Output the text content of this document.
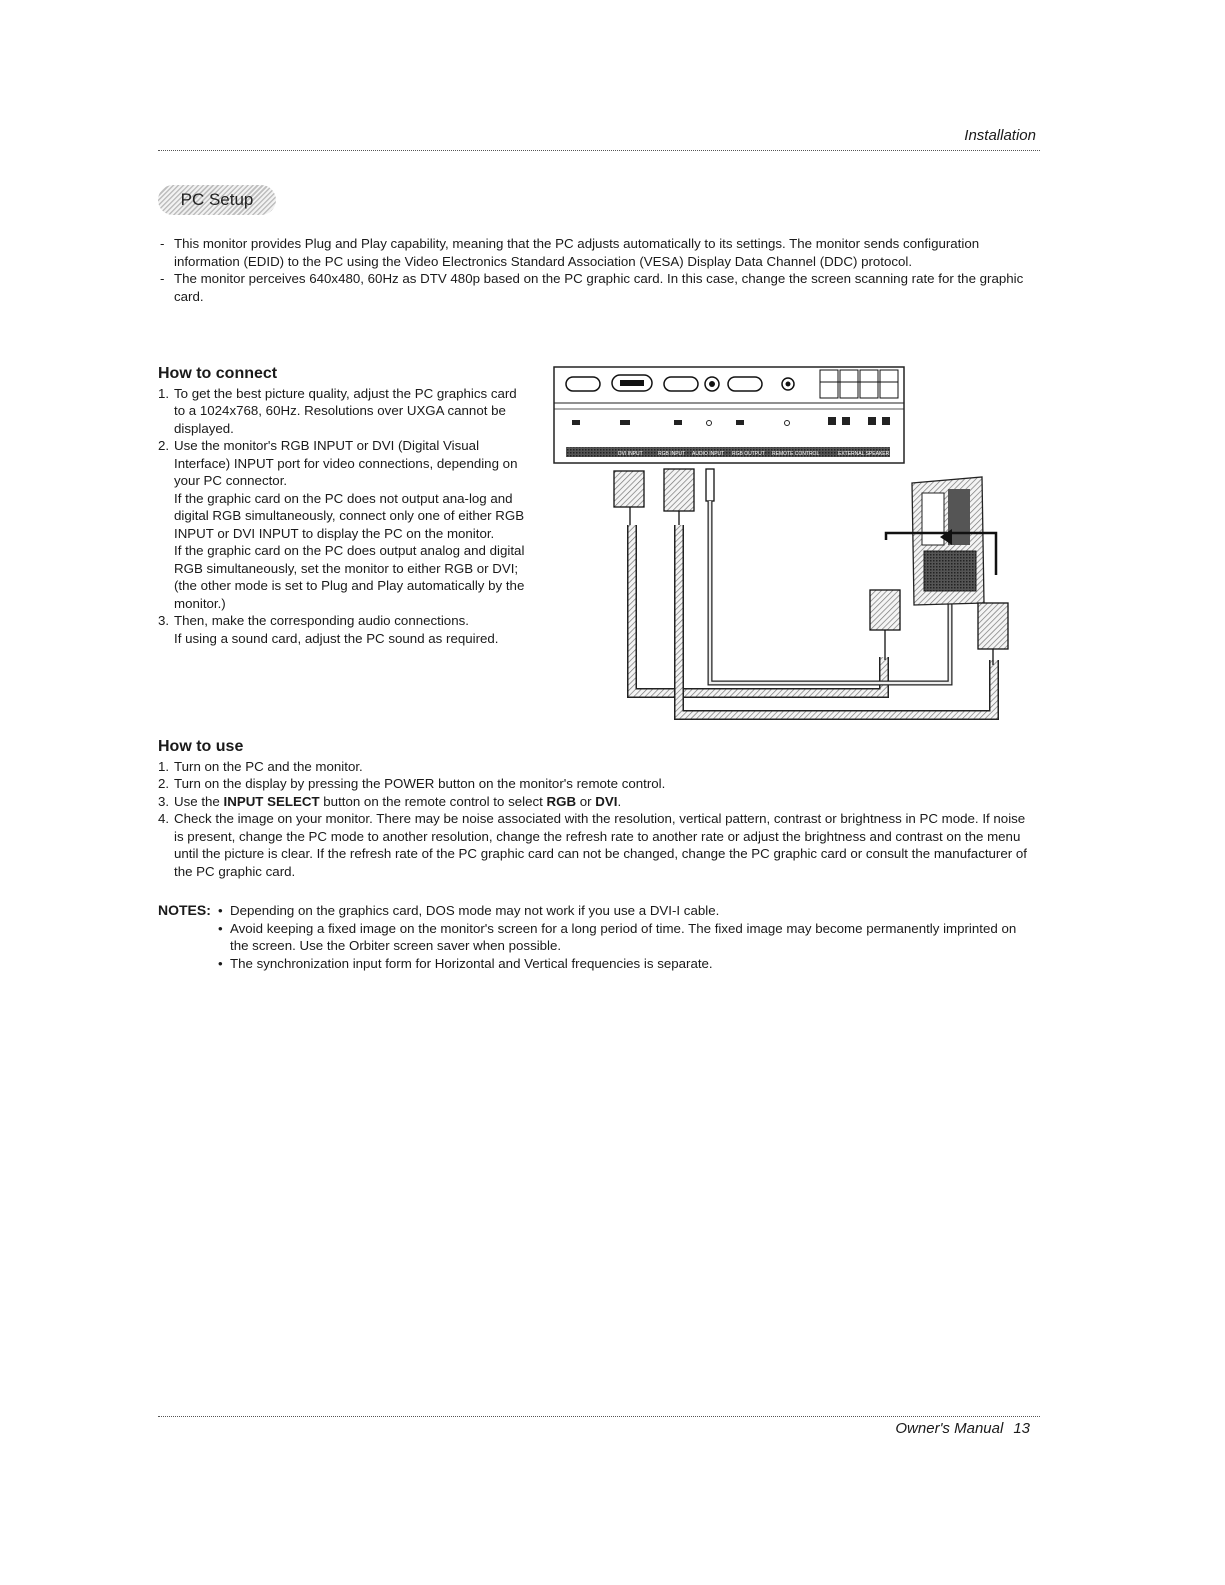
Installation
PC Setup
- This monitor provides Plug and Play capability, meaning that the PC adjusts automatically to its settings. The monitor sends configuration information (EDID) to the PC using the Video Electronics Standard Association (VESA) Display Data Channel (DDC) protocol.
- The monitor perceives 640x480, 60Hz as DTV 480p based on the PC graphic card. In this case, change the screen scanning rate for the graphic card.
How to connect
1. To get the best picture quality, adjust the PC graphics card to a 1024x768, 60Hz. Resolutions over UXGA cannot be displayed.
2. Use the monitor's RGB INPUT or DVI (Digital Visual Interface) INPUT port for video connections, depending on your PC connector.
If the graphic card on the PC does not output ana-log and digital RGB simultaneously, connect only one of either RGB INPUT or DVI INPUT to display the PC on the monitor.
If the graphic card on the PC does output analog and digital RGB simultaneously, set the monitor to either RGB or DVI; (the other mode is set to Plug and Play automatically by the monitor.)
3. Then, make the corresponding audio connections.
If using a sound card, adjust the PC sound as required.
DVI INPUT	RGB INPUT AUDIO INPUT RGB OUTPUT REMOTE CONTROL	EXTERNAL SPEAKER
How to use
1. Turn on the PC and the monitor.
2. Turn on the display by pressing the POWER button on the monitor's remote control.
3. Use the INPUT SELECT button on the remote control to select RGB or DVI.
4. Check the image on your monitor. There may be noise associated with the resolution, vertical pattern, contrast or brightness in PC mode. If noise is present, change the PC mode to another resolution, change the refresh rate to another rate or adjust the brightness and contrast on the menu until the picture is clear. If the refresh rate of the PC graphic card can not be changed, change the PC graphic card or consult the manufacturer of the PC graphic card.
NOTES: • Depending on the graphics card, DOS mode may not work if you use a DVI-I cable.
• Avoid keeping a fixed image on the monitor's screen for a long period of time. The fixed image may become permanently imprinted on the screen. Use the Orbiter screen saver when possible.
• The synchronization input form for Horizontal and Vertical frequencies is separate.
Owner's Manual 13
